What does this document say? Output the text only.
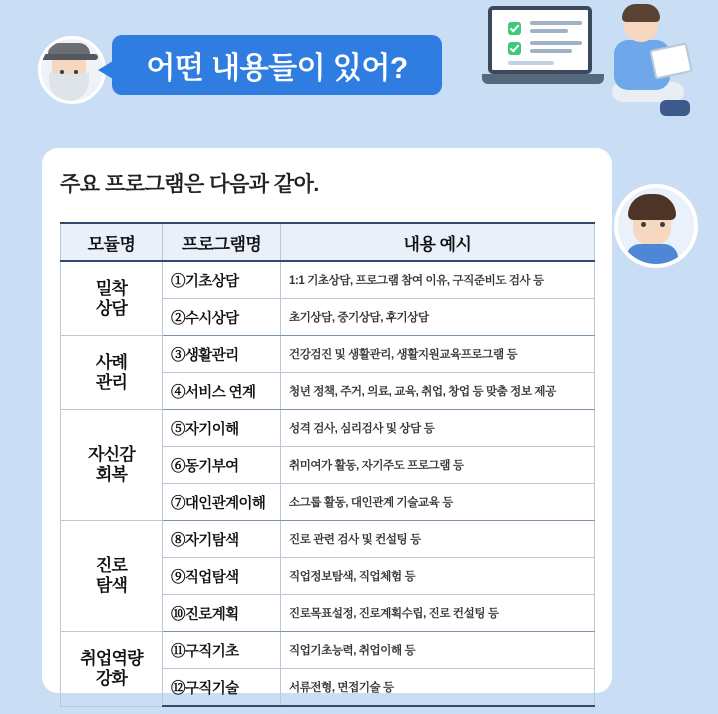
어떤 내용들이 있어?
주요 프로그램은 다음과 같아.
모듈명	프로그램명	내용 예시
밀착
상담	①기초상담	1:1 기초상담, 프로그램 참여 이유, 구직준비도 검사 등
	②수시상담	초기상담, 중기상담, 후기상담
사례
관리	③생활관리	건강검진 및 생활관리, 생활지원교육프로그램 등
	④서비스 연계	청년 정책, 주거, 의료, 교육, 취업, 창업 등 맞춤 정보 제공
자신감
회복	⑤자기이해	성격 검사, 심리검사 및 상담 등
	⑥동기부여	취미여가 활동, 자기주도 프로그램 등
	⑦대인관계이해	소그룹 활동, 대인관계 기술교육 등
진로
탐색	⑧자기탐색	진로 관련 검사 및 컨설팅 등
	⑨직업탐색	직업정보탐색, 직업체험 등
	⑩진로계획	진로목표설정, 진로계획수립, 진로 컨설팅 등
취업역량
강화	⑪구직기초	직업기초능력, 취업이해 등
	⑫구직기술	서류전형, 면접기술 등
